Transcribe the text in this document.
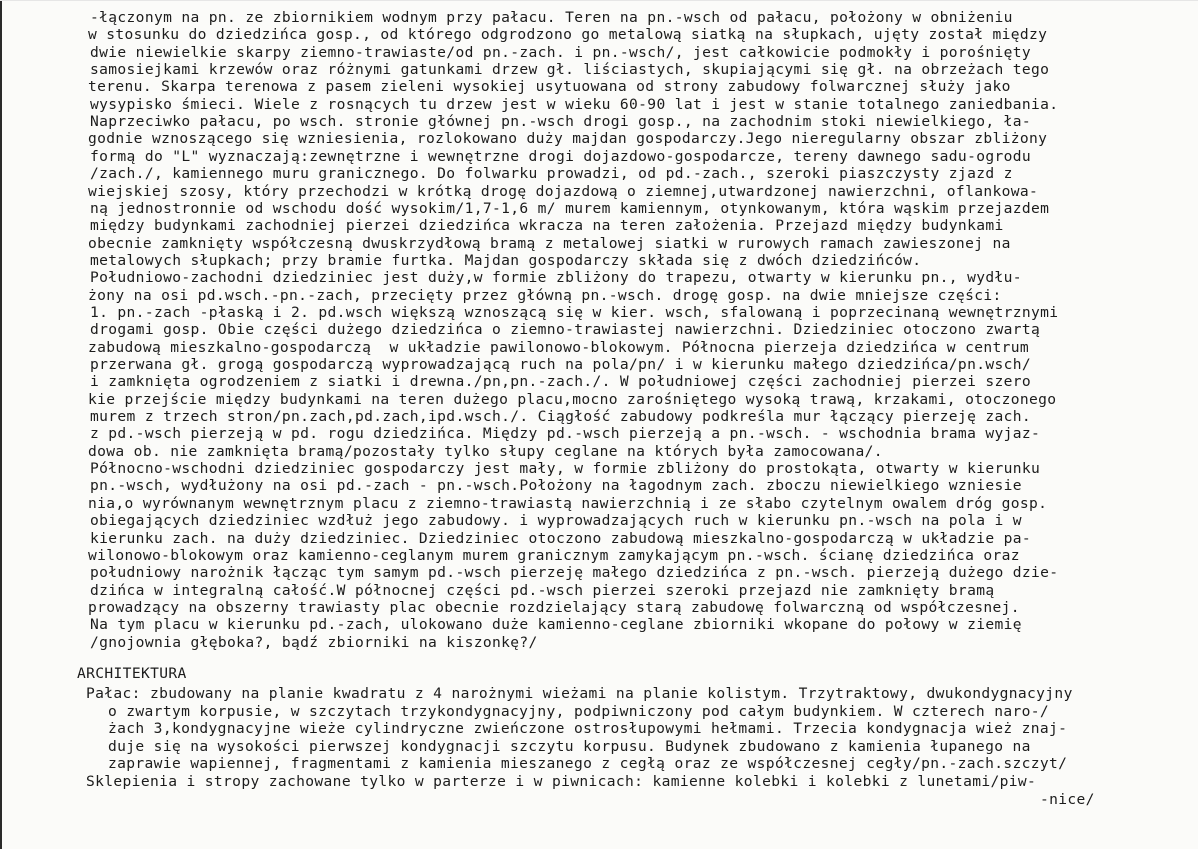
-łączonym na pn. ze zbiornikiem wodnym przy pałacu. Teren na pn.-wsch od pałacu, położony w obniżeniu
w stosunku do dziedzińca gosp., od którego odgrodzono go metalową siatką na słupkach, ujęty został między
dwie niewielkie skarpy ziemno-trawiaste/od pn.-zach. i pn.-wsch/, jest całkowicie podmokły i porośnięty
samosiejkami krzewów oraz różnymi gatunkami drzew gł. liściastych, skupiającymi się gł. na obrzeżach tego
terenu. Skarpa terenowa z pasem zieleni wysokiej usytuowana od strony zabudowy folwarcznej służy jako
wysypisko śmieci. Wiele z rosnących tu drzew jest w wieku 60-90 lat i jest w stanie totalnego zaniedbania.
Naprzeciwko pałacu, po wsch. stronie głównej pn.-wsch drogi gosp., na zachodnim stoki niewielkiego, ła-
godnie wznoszącego się wzniesienia, rozlokowano duży majdan gospodarczy.Jego nieregularny obszar zbliżony
formą do "L" wyznaczają:zewnętrzne i wewnętrzne drogi dojazdowo-gospodarcze, tereny dawnego sadu-ogrodu
/zach./, kamiennego muru granicznego. Do folwarku prowadzi, od pd.-zach., szeroki piaszczysty zjazd z
wiejskiej szosy, który przechodzi w krótką drogę dojazdową o ziemnej,utwardzonej nawierzchni, oflankowa-
ną jednostronnie od wschodu dość wysokim/1,7-1,6 m/ murem kamiennym, otynkowanym, która wąskim przejazdem
między budynkami zachodniej pierzei dziedzińca wkracza na teren założenia. Przejazd między budynkami
obecnie zamknięty współczesną dwuskrzydłową bramą z metalowej siatki w rurowych ramach zawieszonej na
metalowych słupkach; przy bramie furtka. Majdan gospodarczy składa się z dwóch dziedzińców.
Południowo-zachodni dziedziniec jest duży,w formie zbliżony do trapezu, otwarty w kierunku pn., wydłu-
żony na osi pd.wsch.-pn.-zach, przecięty przez główną pn.-wsch. drogę gosp. na dwie mniejsze części:
1. pn.-zach -płaską i 2. pd.wsch większą wznoszącą się w kier. wsch, sfalowaną i poprzecinaną wewnętrznymi
drogami gosp. Obie części dużego dziedzińca o ziemno-trawiastej nawierzchni. Dziedziniec otoczono zwartą
zabudową mieszkalno-gospodarczą  w układzie pawilonowo-blokowym. Północna pierzeja dziedzińca w centrum
przerwana gł. grogą gospodarczą wyprowadzającą ruch na pola/pn/ i w kierunku małego dziedzińca/pn.wsch/
i zamknięta ogrodzeniem z siatki i drewna./pn,pn.-zach./. W południowej części zachodniej pierzei szero
kie przejście między budynkami na teren dużego placu,mocno zarośniętego wysoką trawą, krzakami, otoczonego
murem z trzech stron/pn.zach,pd.zach,ipd.wsch./. Ciągłość zabudowy podkreśla mur łączący pierzeję zach.
z pd.-wsch pierzeją w pd. rogu dziedzińca. Między pd.-wsch pierzeją a pn.-wsch. - wschodnia brama wyjaz-
dowa ob. nie zamknięta bramą/pozostały tylko słupy ceglane na których była zamocowana/.
Północno-wschodni dziedziniec gospodarczy jest mały, w formie zbliżony do prostokąta, otwarty w kierunku
pn.-wsch, wydłużony na osi pd.-zach - pn.-wsch.Położony na łagodnym zach. zboczu niewielkiego wzniesie
nia,o wyrównanym wewnętrznym placu z ziemno-trawiastą nawierzchnią i ze słabo czytelnym owalem dróg gosp.
obiegających dziedziniec wzdłuż jego zabudowy. i wyprowadzających ruch w kierunku pn.-wsch na pola i w
kierunku zach. na duży dziedziniec. Dziedziniec otoczono zabudową mieszkalno-gospodarczą w układzie pa-
wilonowo-blokowym oraz kamienno-ceglanym murem granicznym zamykającym pn.-wsch. ścianę dziedzińca oraz
południowy narożnik łącząc tym samym pd.-wsch pierzeję małego dziedzińca z pn.-wsch. pierzeją dużego dzie-
dzińca w integralną całość.W północnej części pd.-wsch pierzei szeroki przejazd nie zamknięty bramą
prowadzący na obszerny trawiasty plac obecnie rozdzielający starą zabudowę folwarczną od współczesnej.
Na tym placu w kierunku pd.-zach, ulokowano duże kamienno-ceglane zbiorniki wkopane do połowy w ziemię
/gnojownia głęboka?, bądź zbiorniki na kiszonkę?/
ARCHITEKTURA
Pałac: zbudowany na planie kwadratu z 4 narożnymi wieżami na planie kolistym. Trzytraktowy, dwukondygnacyjny
o zwartym korpusie, w szczytach trzykondygnacyjny, podpiwniczony pod całym budynkiem. W czterech naro-/
żach 3,kondygnacyjne wieże cylindryczne zwieńczone ostrosłupowymi hełmami. Trzecia kondygnacja wież znaj-
duje się na wysokości pierwszej kondygnacji szczytu korpusu. Budynek zbudowano z kamienia łupanego na
zaprawie wapiennej, fragmentami z kamienia mieszanego z cegłą oraz ze współczesnej cegły/pn.-zach.szczyt/
Sklepienia i stropy zachowane tylko w parterze i w piwnicach: kamienne kolebki i kolebki z lunetami/piw-
-nice/
